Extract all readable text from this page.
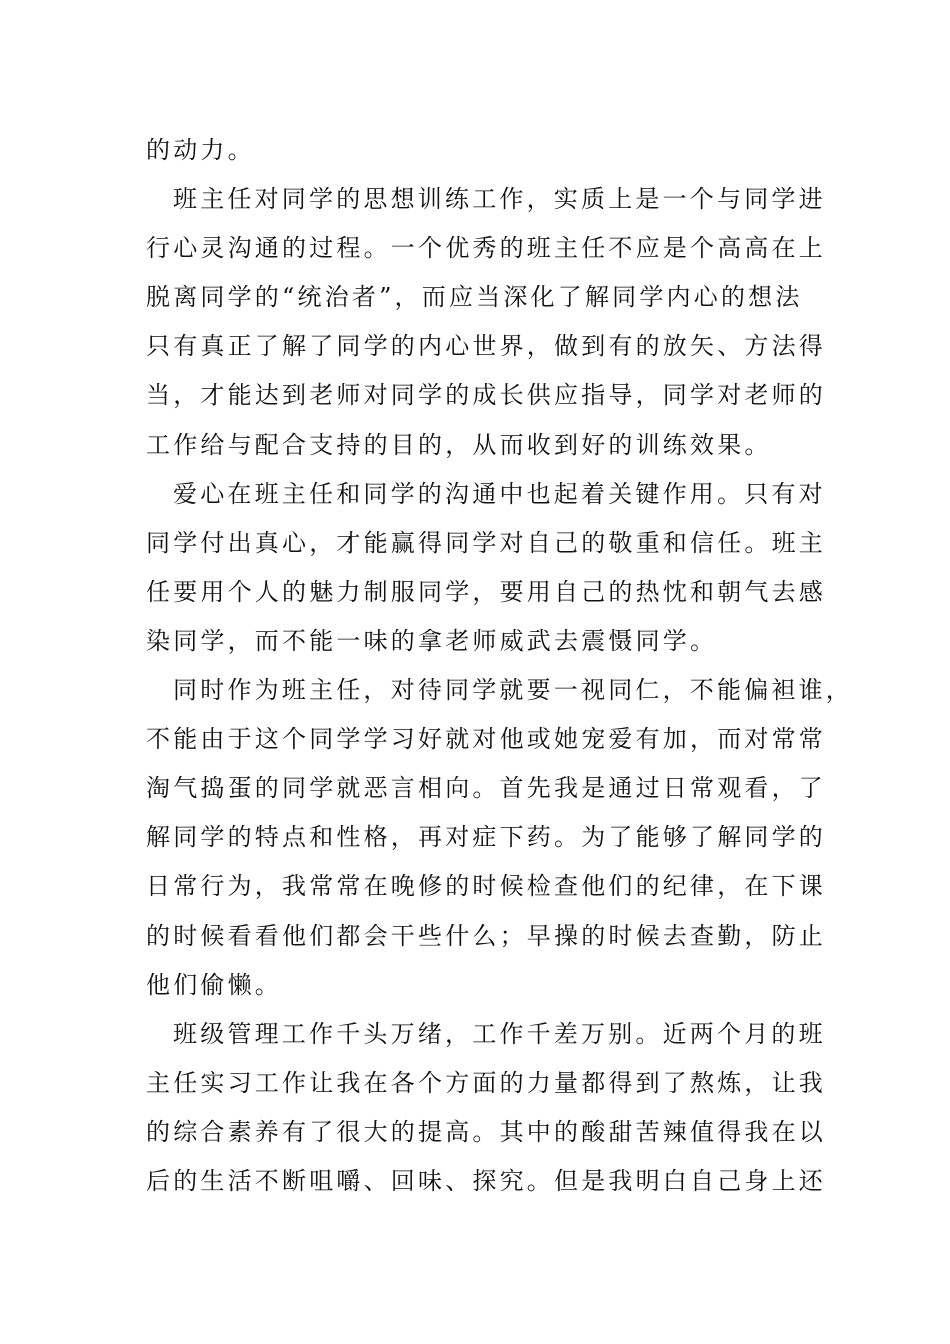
的动力。
班主任对同学的思想训练工作，实质上是一个与同学进
行心灵沟通的过程。一个优秀的班主任不应是个高高在上
脱离同学的“统治者”，而应当深化了解同学内心的想法
只有真正了解了同学的内心世界，做到有的放矢、方法得
当，才能达到老师对同学的成长供应指导，同学对老师的
工作给与配合支持的目的，从而收到好的训练效果。
爱心在班主任和同学的沟通中也起着关键作用。只有对
同学付出真心，才能赢得同学对自己的敬重和信任。班主
任要用个人的魅力制服同学，要用自己的热忱和朝气去感
染同学，而不能一味的拿老师威武去震慑同学。
同时作为班主任，对待同学就要一视同仁，不能偏袒谁，
不能由于这个同学学习好就对他或她宠爱有加，而对常常
淘气捣蛋的同学就恶言相向。首先我是通过日常观看，了
解同学的特点和性格，再对症下药。为了能够了解同学的
日常行为，我常常在晚修的时候检查他们的纪律，在下课
的时候看看他们都会干些什么；早操的时候去查勤，防止
他们偷懒。
班级管理工作千头万绪，工作千差万别。近两个月的班
主任实习工作让我在各个方面的力量都得到了熬炼，让我
的综合素养有了很大的提高。其中的酸甜苦辣值得我在以
后的生活不断咀嚼、回味、探究。但是我明白自己身上还
